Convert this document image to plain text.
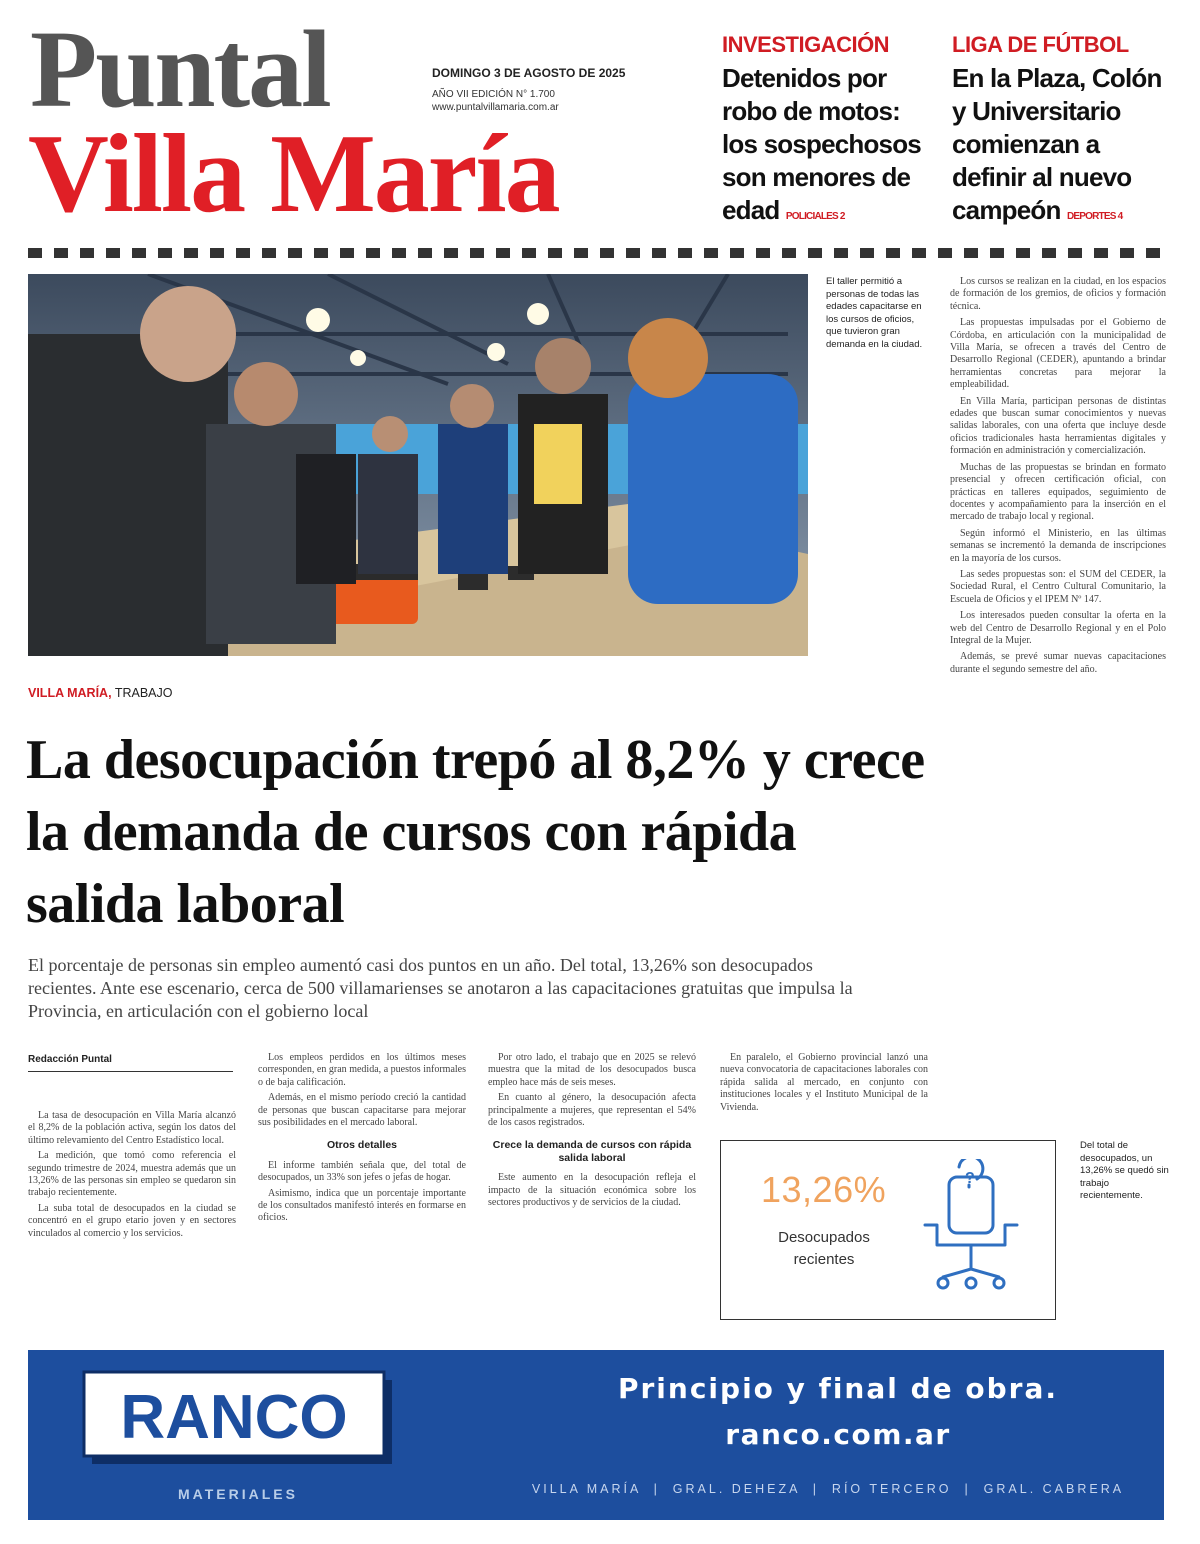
Puntal
Villa María
DOMINGO 3 DE AGOSTO DE 2025
AÑO VII EDICIÓN N° 1.700
www.puntalvillamaria.com.ar
INVESTIGACIÓN
Detenidos por robo de motos: los sospechosos son menores de edad POLICIALES 2
LIGA DE FÚTBOL
En la Plaza, Colón y Universitario comienzan a definir al nuevo campeón DEPORTES 4
El taller permitió a personas de todas las edades capacitarse en los cursos de oficios, que tuvieron gran demanda en la ciudad.

Los cursos se realizan en la ciudad, en los espacios de formación de los gremios, de oficios y formación técnica.

Las propuestas impulsadas por el Gobierno de Córdoba, en articulación con la municipalidad de Villa María, se ofrecen a través del Centro de Desarrollo Regional (CEDER), apuntando a brindar herramientas concretas para mejorar la empleabilidad.

En Villa María, participan personas de distintas edades que buscan sumar conocimientos y nuevas salidas laborales, con una oferta que incluye desde oficios tradicionales hasta herramientas digitales y formación en administración y comercialización.

Muchas de las propuestas se brindan en formato presencial y ofrecen certificación oficial, con prácticas en talleres equipados, seguimiento de docentes y acompañamiento para la inserción en el mercado de trabajo local y regional.

Según informó el Ministerio, en las últimas semanas se incrementó la demanda de inscripciones en la mayoría de los cursos.

Las sedes propuestas son: el SUM del CEDER, la Sociedad Rural, el Centro Cultural Comunitario, la Escuela de Oficios y el IPEM Nº 147.

Los interesados pueden consultar la oferta en la web del Centro de Desarrollo Regional y en el Polo Integral de la Mujer.

Además, se prevé sumar nuevas capacitaciones durante el segundo semestre del año.

VILLA MARÍA, TRABAJO
La desocupación trepó al 8,2% y crece la demanda de cursos con rápida salida laboral
El porcentaje de personas sin empleo aumentó casi dos puntos en un año. Del total, 13,26% son desocupados recientes. Ante ese escenario, cerca de 500 villamarienses se anotaron a las capacitaciones gratuitas que impulsa la Provincia, en articulación con el gobierno local
Redacción Puntal

La tasa de desocupación en Villa María alcanzó el 8,2% de la población activa, según los datos del último relevamiento del Centro Estadístico local.

La medición, que tomó como referencia el segundo trimestre de 2024, muestra además que un 13,26% de las personas sin empleo se quedaron sin trabajo recientemente.

La suba total de desocupados en la ciudad se concentró en el grupo etario joven y en sectores vinculados al comercio y los servicios.

Los empleos perdidos en los últimos meses corresponden, en gran medida, a puestos informales o de baja calificación.

Además, en el mismo período creció la cantidad de personas que buscan capacitarse para mejorar sus posibilidades en el mercado laboral.

Otros detalles

El informe también señala que, del total de desocupados, un 33% son jefes o jefas de hogar.

Asimismo, indica que un porcentaje importante de los consultados manifestó interés en formarse en oficios.

Por otro lado, el trabajo que en 2025 se relevó muestra que la mitad de los desocupados busca empleo hace más de seis meses.

En cuanto al género, la desocupación afecta principalmente a mujeres, que representan el 54% de los casos registrados.

Crece la demanda de cursos con rápida salida laboral

Este aumento en la desocupación refleja el impacto de la situación económica sobre los sectores productivos y de servicios de la ciudad.

En paralelo, el Gobierno provincial lanzó una nueva convocatoria de capacitaciones laborales con rápida salida al mercado, en conjunto con instituciones locales y el Instituto Municipal de la Vivienda.

13,26%
Desocupados recientes
?
Del total de desocupados, un 13,26% se quedó sin trabajo recientemente.
RANCO
MATERIALES
Principio y final de obra.
ranco.com.ar
VILLA MARÍA  |  GRAL. DEHEZA  |  RÍO TERCERO  |  GRAL. CABRERA
